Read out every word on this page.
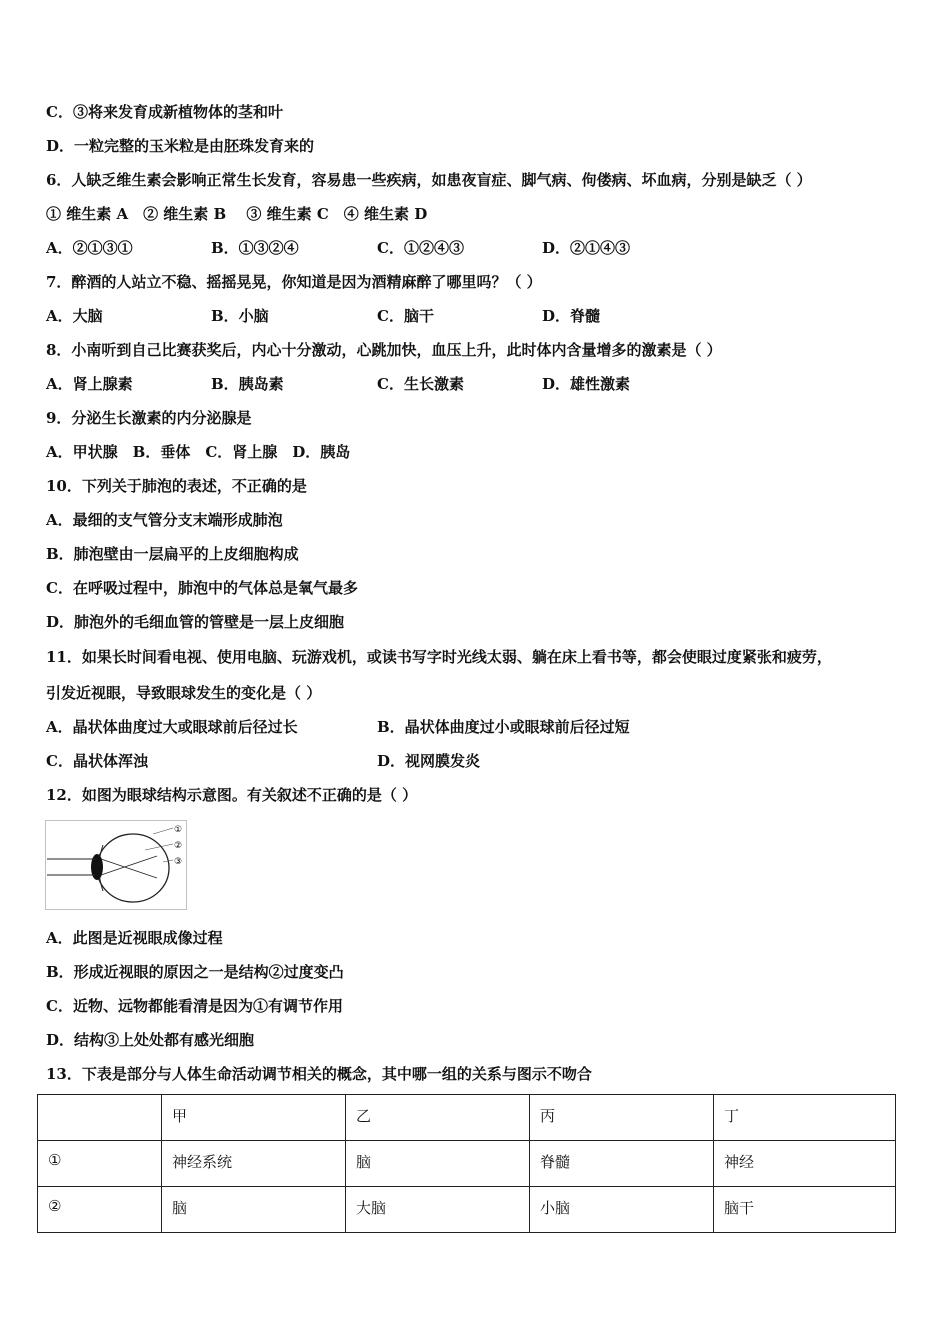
C．③将来发育成新植物体的茎和叶
D．一粒完整的玉米粒是由胚珠发育来的
6．人缺乏维生素会影响正常生长发育，容易患一些疾病，如患夜盲症、脚气病、佝偻病、坏血病，分别是缺乏（ ）
① 维生素 A　② 维生素 B　 ③ 维生素 C　④ 维生素 D
A．②①③①	B．①③②④	C．①②④③	D．②①④③
7．醉酒的人站立不稳、摇摇晃晃，你知道是因为酒精麻醉了哪里吗？（ ）
A．大脑	B．小脑	C．脑干	D．脊髓
8．小南听到自己比赛获奖后，内心十分激动，心跳加快，血压上升，此时体内含量增多的激素是（ ）
A．肾上腺素	B．胰岛素	C．生长激素	D．雄性激素
9．分泌生长激素的内分泌腺是
A．甲状腺　B．垂体　C．肾上腺　D．胰岛
10．下列关于肺泡的表述，不正确的是
A．最细的支气管分支末端形成肺泡
B．肺泡壁由一层扁平的上皮细胞构成
C．在呼吸过程中，肺泡中的气体总是氧气最多
D．肺泡外的毛细血管的管壁是一层上皮细胞
11．如果长时间看电视、使用电脑、玩游戏机，或读书写字时光线太弱、躺在床上看书等，都会使眼过度紧张和疲劳，
引发近视眼，导致眼球发生的变化是（ ）
A．晶状体曲度过大或眼球前后径过长	B．晶状体曲度过小或眼球前后径过短
C．晶状体浑浊	D．视网膜发炎
12．如图为眼球结构示意图。有关叙述不正确的是（ ）
①
②
③
A．此图是近视眼成像过程
B．形成近视眼的原因之一是结构②过度变凸
C．近物、远物都能看清是因为①有调节作用
D．结构③上处处都有感光细胞
13．下表是部分与人体生命活动调节相关的概念，其中哪一组的关系与图示不吻合
	甲	乙	丙	丁
①	神经系统	脑	脊髓	神经
②	脑	大脑	小脑	脑干
